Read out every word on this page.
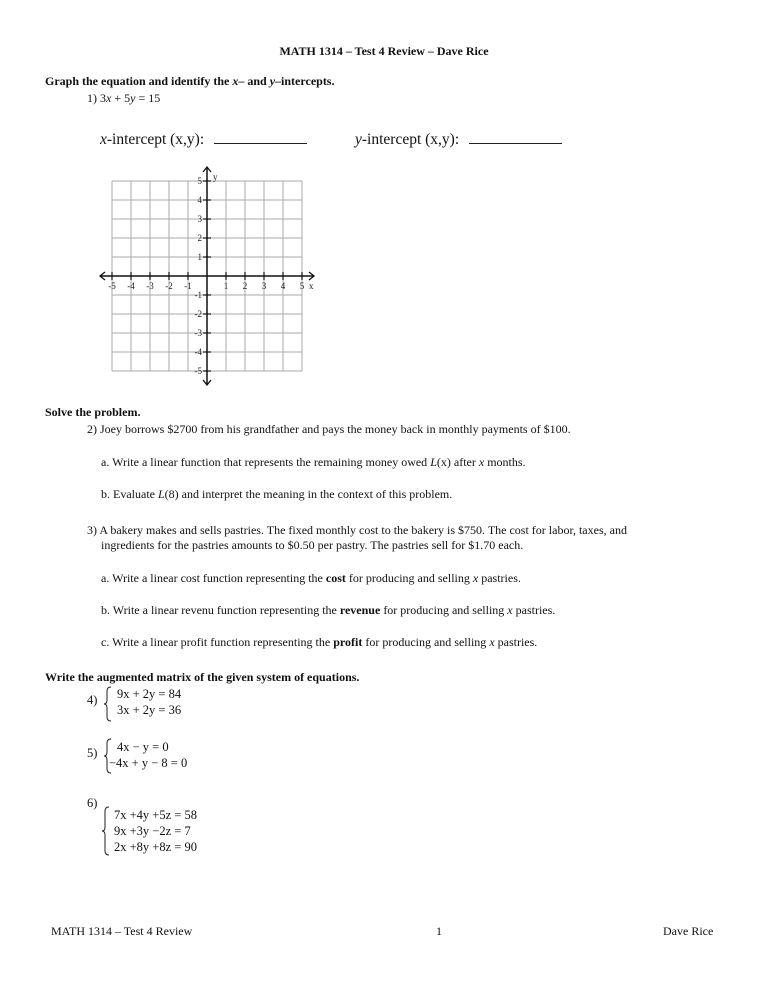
MATH 1314 – Test 4 Review – Dave Rice
Graph the equation and identify the x– and y–intercepts.
1) 3x + 5y = 15
x-intercept (x,y):	y-intercept (x,y):
-5 -4 -3 -2 -1	1 2 3 4 5
5
4
3
2
1
-1
-2
-3
-4
-5
x
y
Solve the problem.
2) Joey borrows $2700 from his grandfather and pays the money back in monthly payments of $100.
a. Write a linear function that represents the remaining money owed L(x) after x months.
b. Evaluate L(8) and interpret the meaning in the context of this problem.
3) A bakery makes and sells pastries. The fixed monthly cost to the bakery is $750. The cost for labor, taxes, and
ingredients for the pastries amounts to $0.50 per pastry. The pastries sell for $1.70 each.
a. Write a linear cost function representing the cost for producing and selling x pastries.
b. Write a linear revenu function representing the revenue for producing and selling x pastries.
c. Write a linear profit function representing the profit for producing and selling x pastries.
Write the augmented matrix of the given system of equations.
4) 9x + 2y = 84
3x + 2y = 36
5) 4x − y = 0
−4x + y − 8 = 0
6)
7x +4y +5z = 58
9x +3y −2z = 7
2x +8y +8z = 90
MATH 1314 – Test 4 Review	1	Dave Rice
